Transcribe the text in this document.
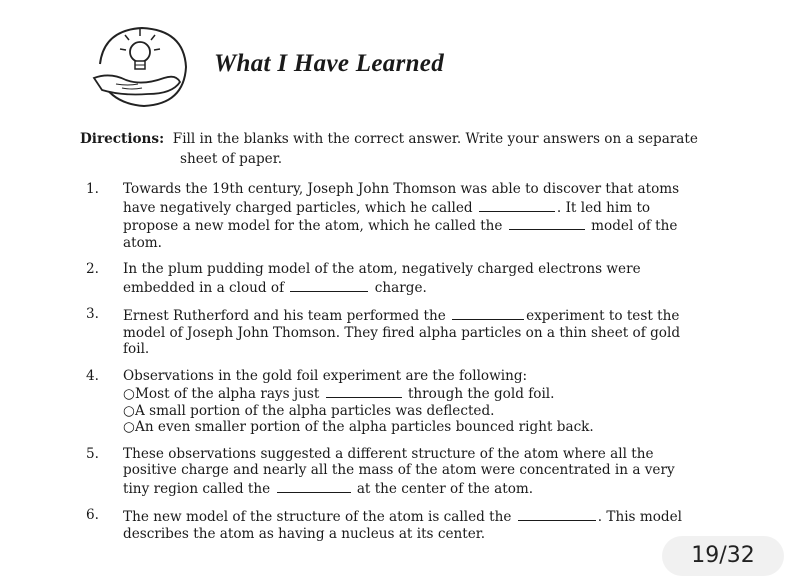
What I Have Learned
Directions: Fill in the blanks with the correct answer. Write your answers on a separate
sheet of paper.
1. Towards the 19th century, Joseph John Thomson was able to discover that atoms
have negatively charged particles, which he called	. It led him to
propose a new model for the atom, which he called the	model of the
atom.
2. In the plum pudding model of the atom, negatively charged electrons were
embedded in a cloud of	charge.
3. Ernest Rutherford and his team performed the	experiment to test the
model of Joseph John Thomson. They fired alpha particles on a thin sheet of gold
foil.
4. Observations in the gold foil experiment are the following:
○Most of the alpha rays just	through the gold foil.
○A small portion of the alpha particles was deflected.
○An even smaller portion of the alpha particles bounced right back.
5. These observations suggested a different structure of the atom where all the
positive charge and nearly all the mass of the atom were concentrated in a very
tiny region called the	at the center of the atom.
6. The new model of the structure of the atom is called the	. This model
describes the atom as having a nucleus at its center.
19/32
